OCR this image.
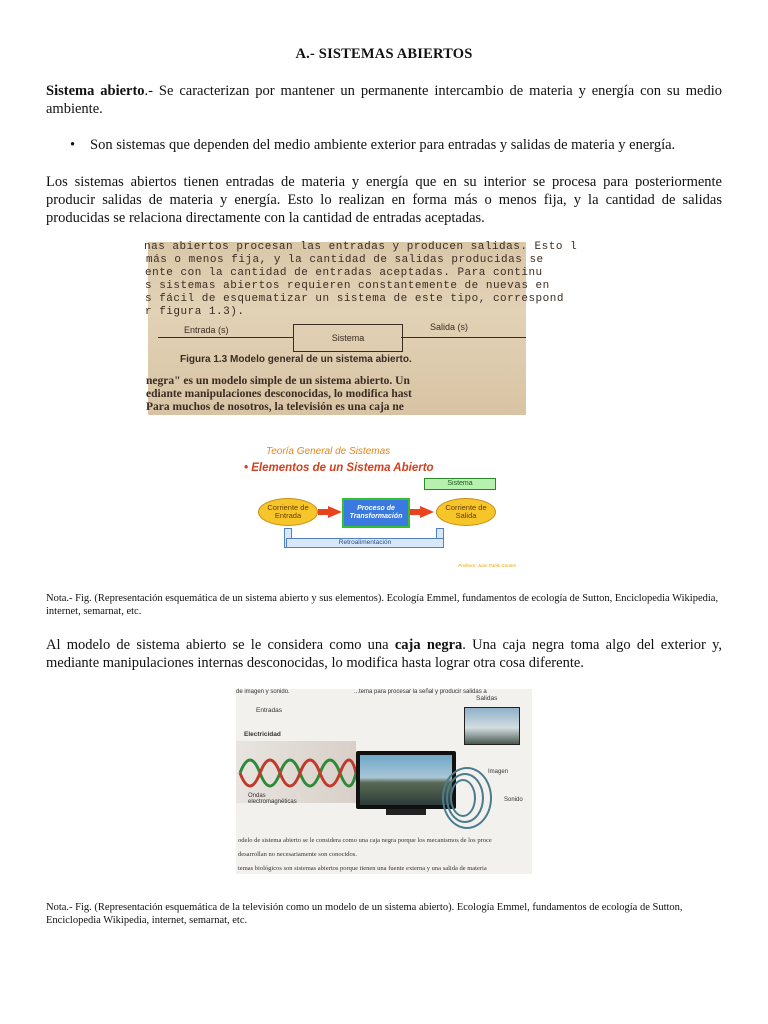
A.- SISTEMAS ABIERTOS
Sistema abierto.- Se caracterizan por mantener un permanente intercambio de materia y energía con su medio ambiente.
• Son sistemas que dependen del medio ambiente exterior para entradas y salidas de materia y energía.
Los sistemas abiertos tienen entradas de materia y energía que en su interior se procesa para posteriormente producir salidas de materia y energía. Esto lo realizan en forma más o menos fija, y la cantidad de salidas producidas se relaciona directamente con la cantidad de entradas aceptadas.
Nota.- Fig. (Representación esquemática de un sistema abierto y sus elementos). Ecología Emmel, fundamentos de ecología de Sutton, Enciclopedia Wikipedia, internet, semarnat, etc.
Al modelo de sistema abierto se le considera como una caja negra. Una caja negra toma algo del exterior y, mediante manipulaciones internas desconocidas, lo modifica hasta lograr otra cosa diferente.
Nota.- Fig. (Representación esquemática de la televisión como un modelo de un sistema abierto). Ecología Emmel, fundamentos de ecología de Sutton, Enciclopedia Wikipedia, internet, semarnat, etc.
nas abiertos procesan las entradas y producen salidas. Esto l
más o menos fija, y la cantidad de salidas producidas se
ente con la cantidad de entradas aceptadas. Para continu
s sistemas abiertos requieren constantemente de nuevas en
s fácil de esquematizar un sistema de este tipo, correspond
r figura 1.3).
Entrada (s)
Sistema
Salida (s)
Figura 1.3 Modelo general de un sistema abierto.
negra" es un modelo simple de un sistema abierto. Un
ediante manipulaciones desconocidas, lo modifica hast
Para muchos de nosotros, la televisión es una caja ne
Teoría General de Sistemas
• Elementos de un Sistema Abierto
Sistema
Corriente de Entrada
Proceso de Transformación
Corriente de Salida
Retroalimentación
Profesor: Juan Pablo Cordes
de imagen y sonido.	...tema para procesar la señal y producir salidas a
Entradas
Salidas
Electricidad
Ondas electromagnéticas
Imagen
Sonido
odelo de sistema abierto se le considera como una caja negra porque los mecanismos de los proce
desarrollan no necesariamente son conocidos.
temas biológicos son sistemas abiertos porque tienen una fuente externa y una salida de materia
